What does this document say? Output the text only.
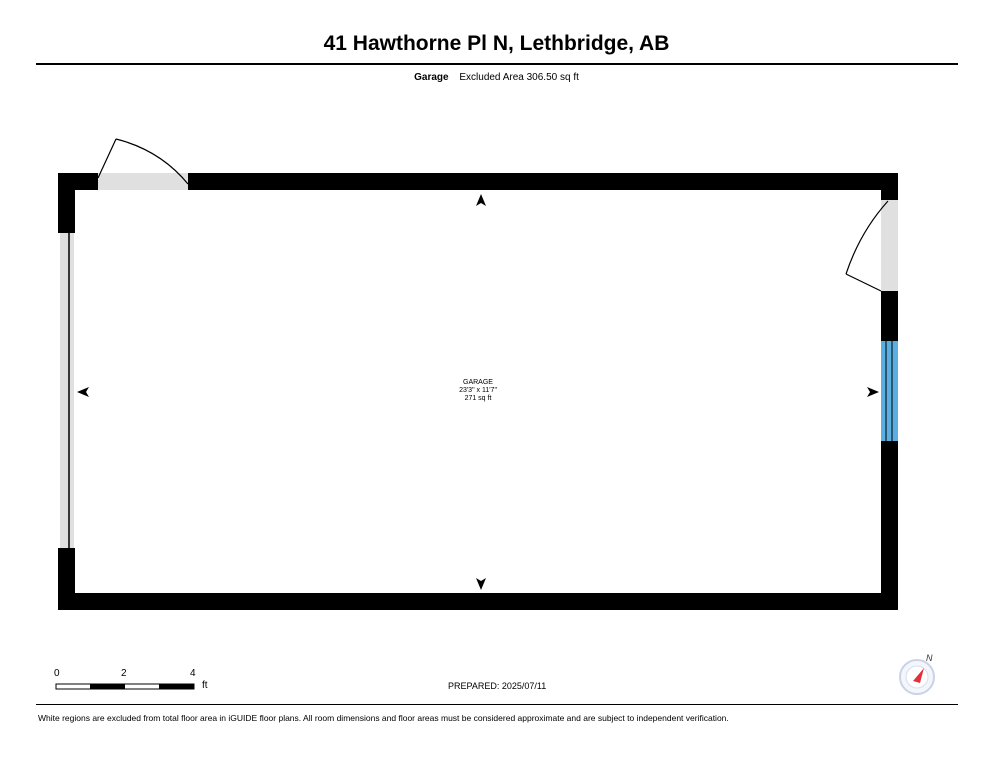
41 Hawthorne Pl N, Lethbridge, AB
Garage Excluded Area 306.50 sq ft
GARAGE
23'3" x 11'7"
271 sq ft
0	2	4
ft	PREPARED: 2025/07/11
N
White regions are excluded from total floor area in iGUIDE floor plans. All room dimensions and floor areas must be considered approximate and are subject to independent verification.
